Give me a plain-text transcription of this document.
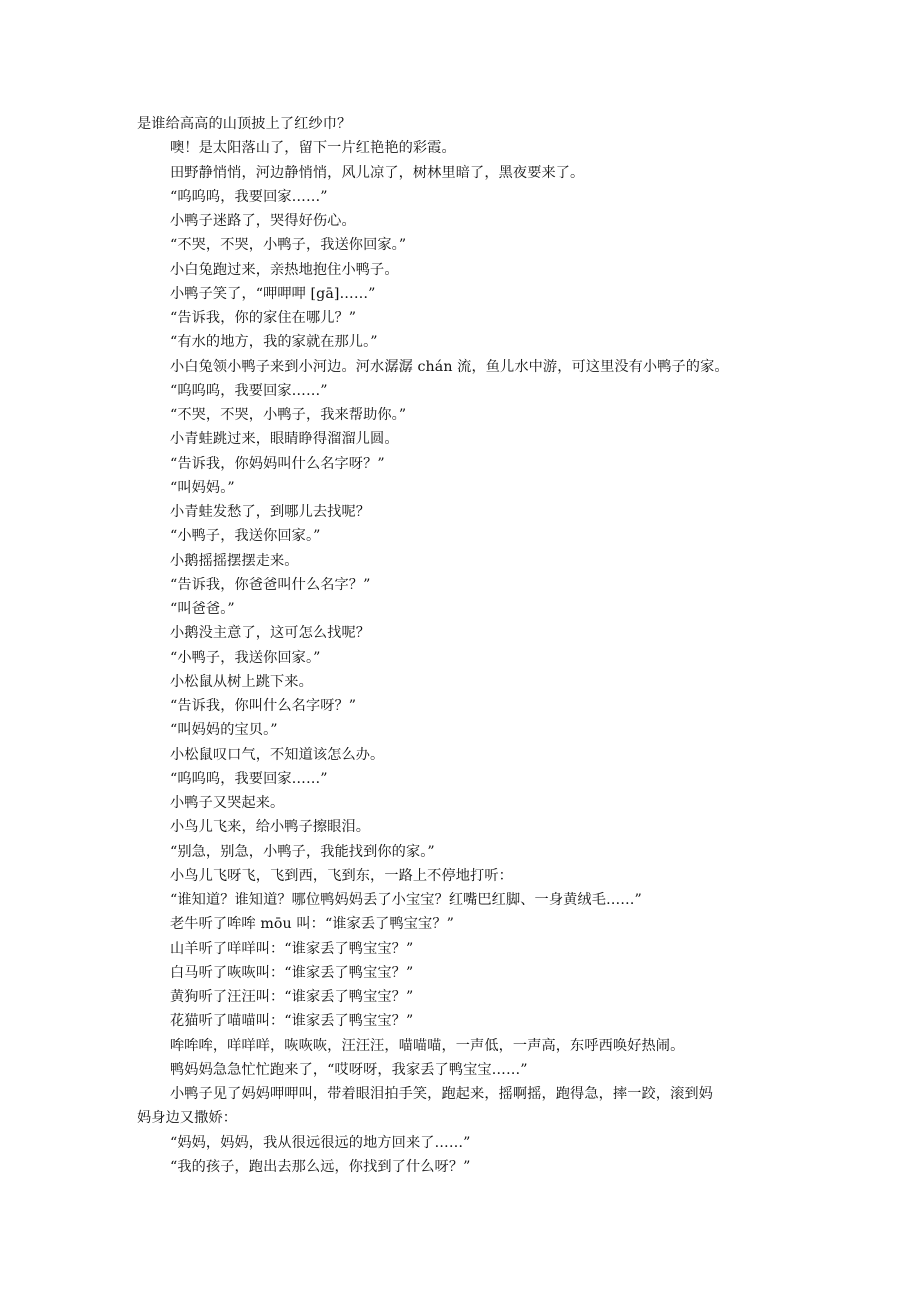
是谁给高高的山顶披上了红纱巾？
噢！是太阳落山了，留下一片红艳艳的彩霞。
田野静悄悄，河边静悄悄，风儿凉了，树林里暗了，黑夜要来了。
“呜呜呜，我要回家……”
小鸭子迷路了，哭得好伤心。
“不哭，不哭，小鸭子，我送你回家。”
小白兔跑过来，亲热地抱住小鸭子。
小鸭子笑了，“呷呷呷 [gā]……”
“告诉我，你的家住在哪儿？”
“有水的地方，我的家就在那儿。”
小白兔领小鸭子来到小河边。河水潺潺 chán 流，鱼儿水中游，可这里没有小鸭子的家。
“呜呜呜，我要回家……”
“不哭，不哭，小鸭子，我来帮助你。”
小青蛙跳过来，眼睛睁得溜溜儿圆。
“告诉我，你妈妈叫什么名字呀？”
“叫妈妈。”
小青蛙发愁了，到哪儿去找呢？
“小鸭子，我送你回家。”
小鹅摇摇摆摆走来。
“告诉我，你爸爸叫什么名字？”
“叫爸爸。”
小鹅没主意了，这可怎么找呢？
“小鸭子，我送你回家。”
小松鼠从树上跳下来。
“告诉我，你叫什么名字呀？”
“叫妈妈的宝贝。”
小松鼠叹口气，不知道该怎么办。
“呜呜呜，我要回家……”
小鸭子又哭起来。
小鸟儿飞来，给小鸭子擦眼泪。
“别急，别急，小鸭子，我能找到你的家。”
小鸟儿飞呀飞，飞到西，飞到东，一路上不停地打听：
“谁知道？谁知道？哪位鸭妈妈丢了小宝宝？红嘴巴红脚、一身黄绒毛……”
老牛听了哞哞 mōu 叫：“谁家丢了鸭宝宝？”
山羊听了咩咩叫：“谁家丢了鸭宝宝？”
白马听了咴咴叫：“谁家丢了鸭宝宝？”
黄狗听了汪汪叫：“谁家丢了鸭宝宝？”
花猫听了喵喵叫：“谁家丢了鸭宝宝？”
哞哞哞，咩咩咩，咴咴咴，汪汪汪，喵喵喵，一声低，一声高，东呼西唤好热闹。
鸭妈妈急急忙忙跑来了，“哎呀呀，我家丢了鸭宝宝……”
小鸭子见了妈妈呷呷叫，带着眼泪拍手笑，跑起来，摇啊摇，跑得急，摔一跤，滚到妈
妈身边又撒娇：
“妈妈，妈妈，我从很远很远的地方回来了……”
“我的孩子，跑出去那么远，你找到了什么呀？”
